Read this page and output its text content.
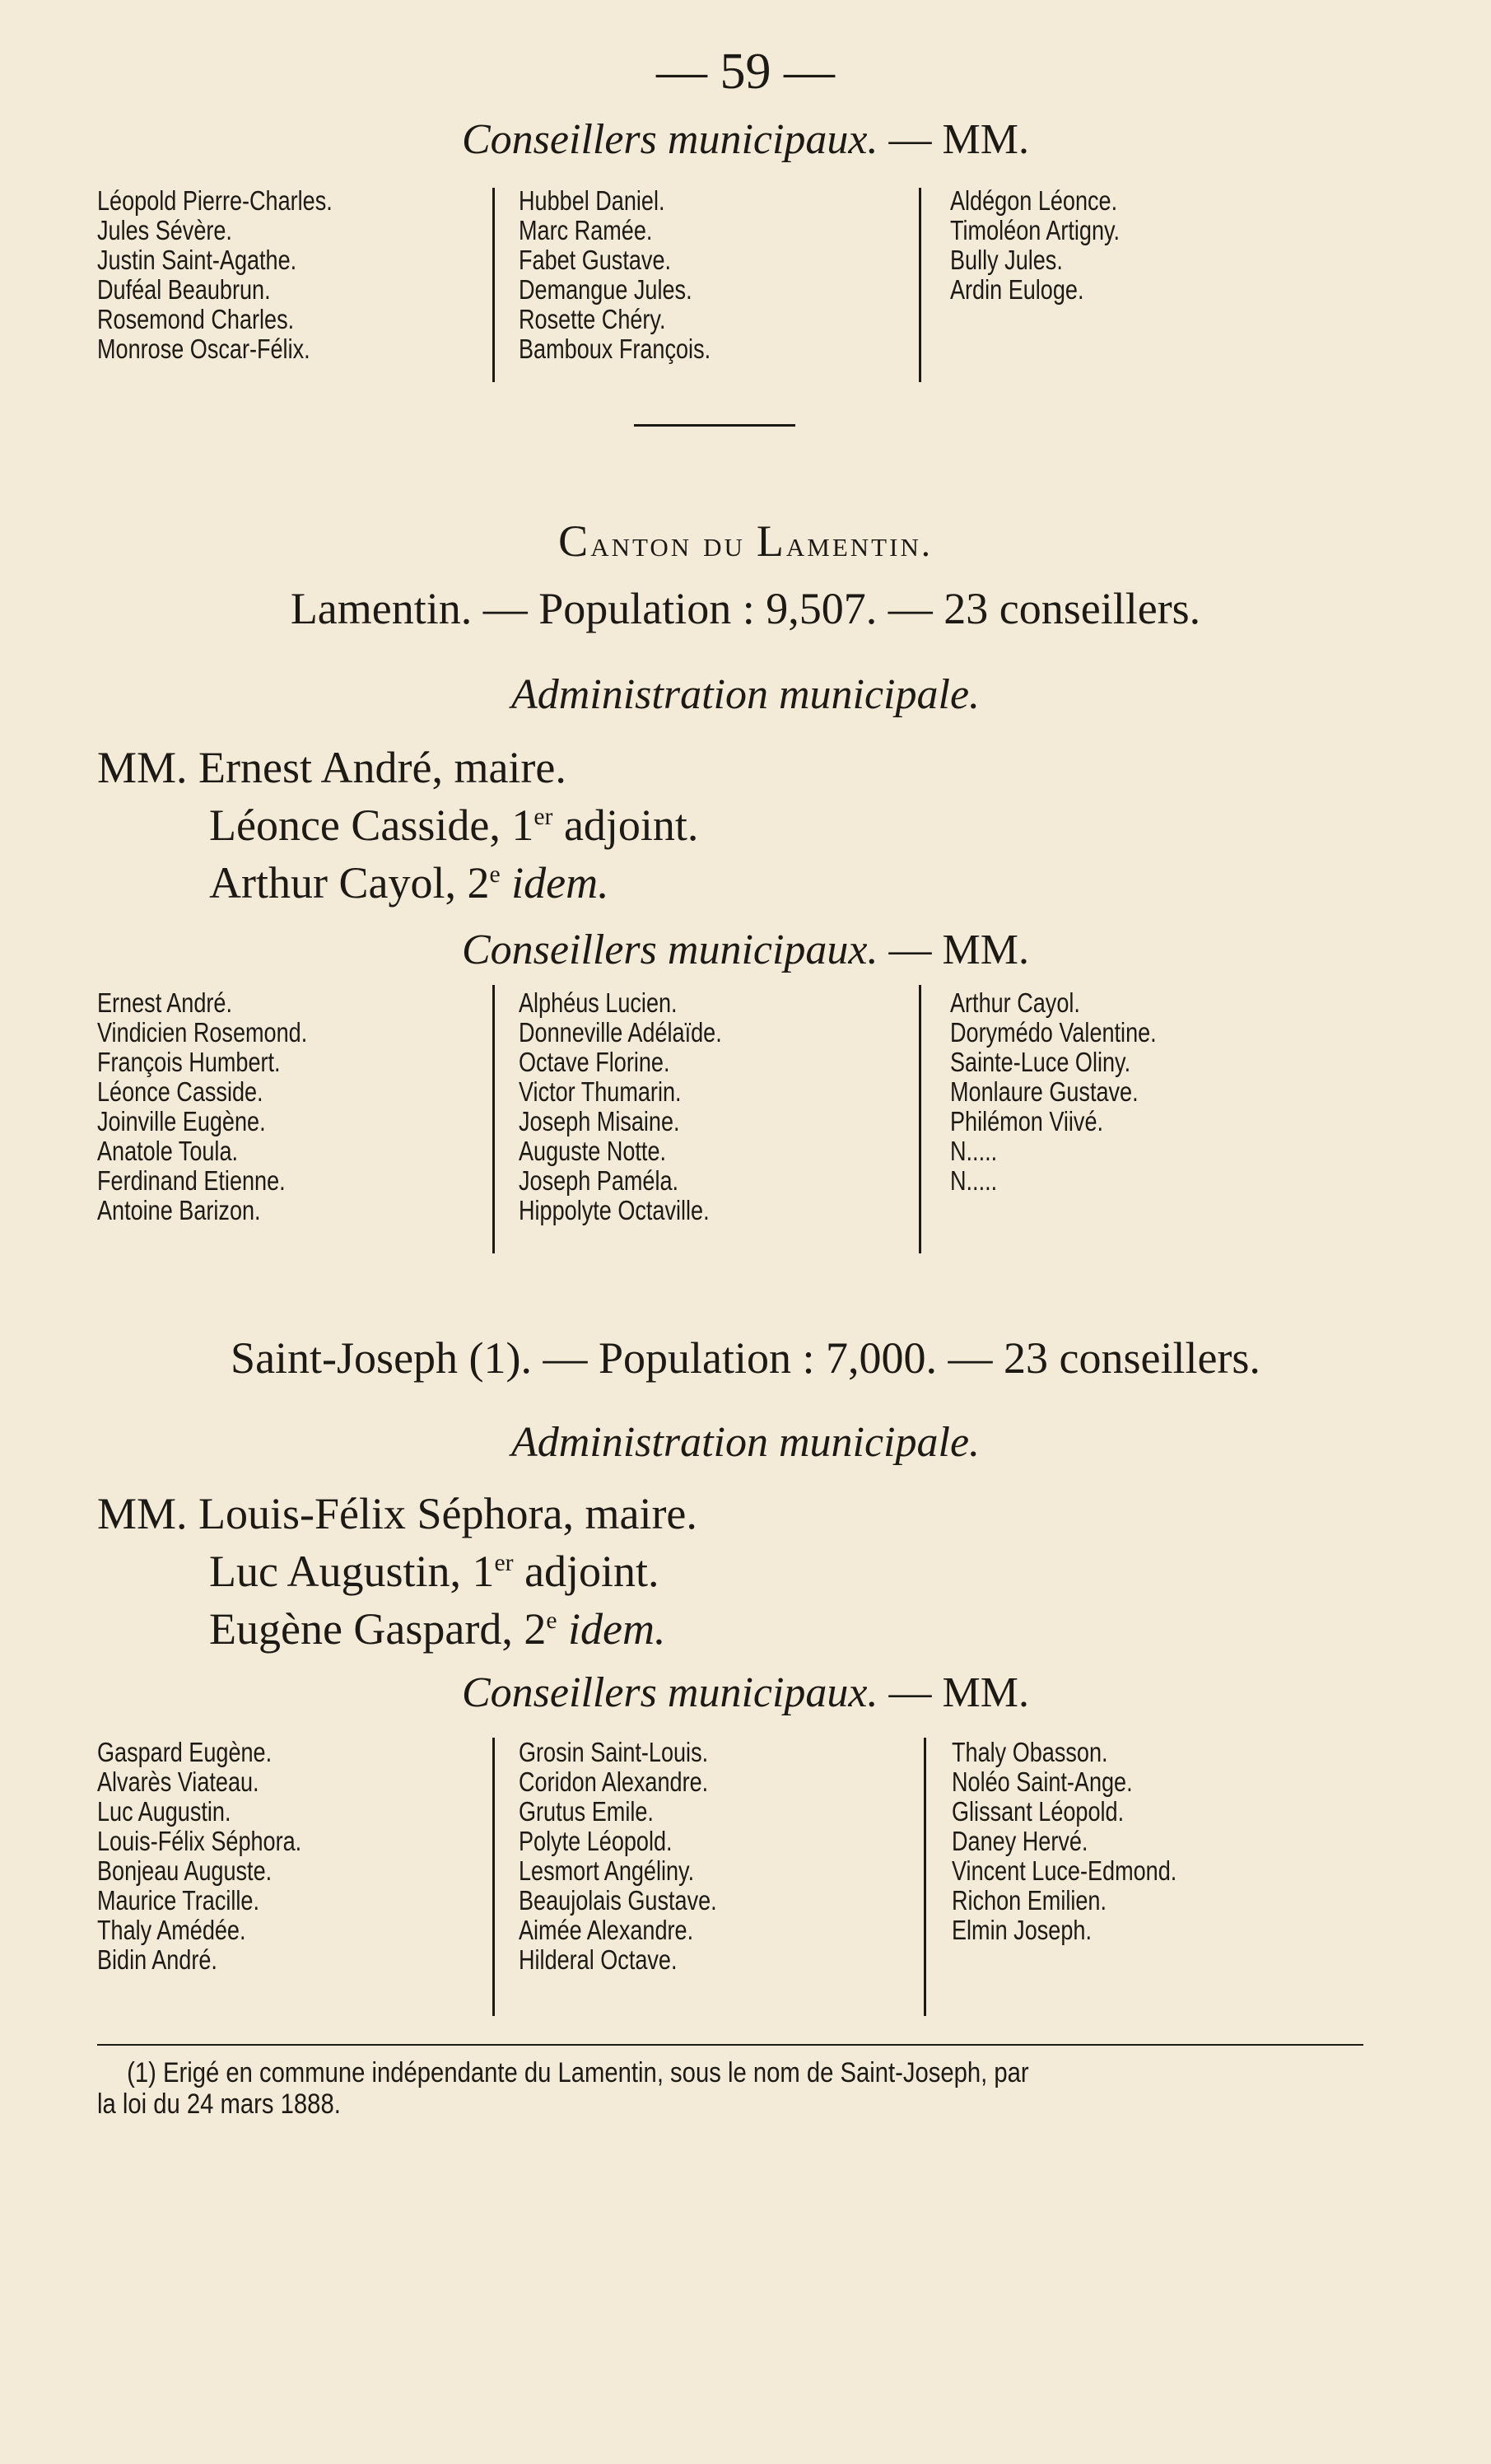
— 59 —
Conseillers municipaux. — MM.
Léopold Pierre-Charles.
Jules Sévère.
Justin Saint-Agathe.
Duféal Beaubrun.
Rosemond Charles.
Monrose Oscar-Félix.
Hubbel Daniel.
Marc Ramée.
Fabet Gustave.
Demangue Jules.
Rosette Chéry.
Bamboux François.
Aldégon Léonce.
Timoléon Artigny.
Bully Jules.
Ardin Euloge.
Canton du Lamentin.
Lamentin. — Population : 9,507. — 23 conseillers.
Administration municipale.
MM. Ernest André, maire.
Léonce Casside, 1er adjoint.
Arthur Cayol, 2e idem.
Conseillers municipaux. — MM.
Ernest André.
Vindicien Rosemond.
François Humbert.
Léonce Casside.
Joinville Eugène.
Anatole Toula.
Ferdinand Etienne.
Antoine Barizon.
Alphéus Lucien.
Donneville Adélaïde.
Octave Florine.
Victor Thumarin.
Joseph Misaine.
Auguste Notte.
Joseph Paméla.
Hippolyte Octaville.
Arthur Cayol.
Dorymédo Valentine.
Sainte-Luce Oliny.
Monlaure Gustave.
Philémon Viivé.
N.....
N.....
Saint-Joseph (1). — Population : 7,000. — 23 conseillers.
Administration municipale.
MM. Louis-Félix Séphora, maire.
Luc Augustin, 1er adjoint.
Eugène Gaspard, 2e idem.
Conseillers municipaux. — MM.
Gaspard Eugène.
Alvarès Viateau.
Luc Augustin.
Louis-Félix Séphora.
Bonjeau Auguste.
Maurice Tracille.
Thaly Amédée.
Bidin André.
Grosin Saint-Louis.
Coridon Alexandre.
Grutus Emile.
Polyte Léopold.
Lesmort Angéliny.
Beaujolais Gustave.
Aimée Alexandre.
Hilderal Octave.
Thaly Obasson.
Noléo Saint-Ange.
Glissant Léopold.
Daney Hervé.
Vincent Luce-Edmond.
Richon Emilien.
Elmin Joseph.
(1) Erigé en commune indépendante du Lamentin, sous le nom de Saint-Joseph, par
la loi du 24 mars 1888.
